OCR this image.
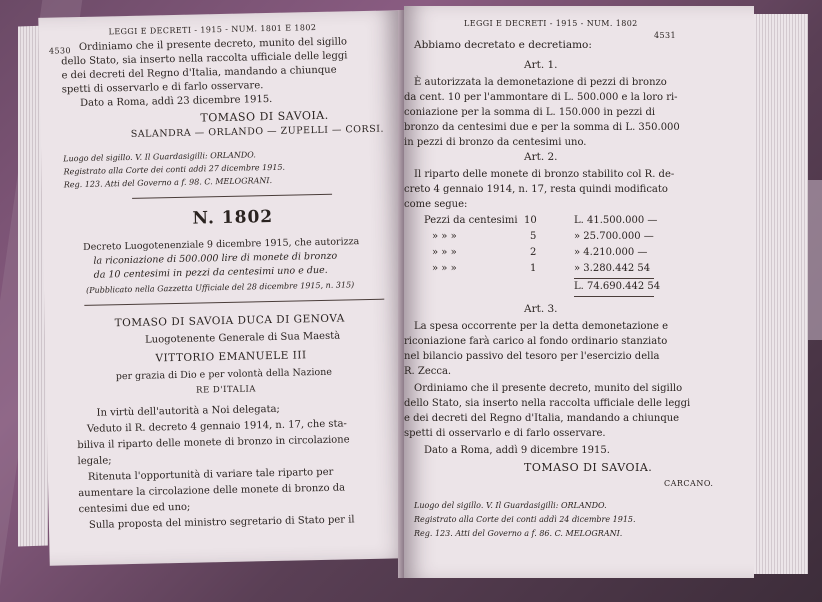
LEGGI E DECRETI - 1915 - NUM. 1801 E 1802
4530 Ordiniamo che il presente decreto, munito del sigillo
dello Stato, sia inserto nella raccolta ufficiale delle leggi
e dei decreti del Regno d'Italia, mandando a chiunque
spetti di osservarlo e di farlo osservare.
Dato a Roma, addì 23 dicembre 1915.
TOMASO DI SAVOIA.
SALANDRA — ORLANDO — ZUPELLI — CORSI.
Luogo del sigillo. V. Il Guardasigilli: ORLANDO.
Registrato alla Corte dei conti addì 27 dicembre 1915.
Reg. 123. Atti del Governo a f. 98. C. MELOGRANI.
N. 1802
Decreto Luogotenenziale 9 dicembre 1915, che autorizza
la riconiazione di 500.000 lire di monete di bronzo
da 10 centesimi in pezzi da centesimi uno e due.
(Pubblicato nella Gazzetta Ufficiale del 28 dicembre 1915, n. 315)
TOMASO DI SAVOIA DUCA DI GENOVA
Luogotenente Generale di Sua Maestà
VITTORIO EMANUELE III
per grazia di Dio e per volontà della Nazione
RE D'ITALIA
In virtù dell'autorità a Noi delegata;
Veduto il R. decreto 4 gennaio 1914, n. 17, che sta-
biliva il riparto delle monete di bronzo in circolazione
legale;
Ritenuta l'opportunità di variare tale riparto per
aumentare la circolazione delle monete di bronzo da
centesimi due ed uno;
Sulla proposta del ministro segretario di Stato per il
LEGGI E DECRETI - 1915 - NUM. 1802
4531
Abbiamo decretato e decretiamo:
Art. 1.
È autorizzata la demonetazione di pezzi di bronzo
da cent. 10 per l'ammontare di L. 500.000 e la loro ri-
coniazione per la somma di L. 150.000 in pezzi di
bronzo da centesimi due e per la somma di L. 350.000
in pezzi di bronzo da centesimi uno.
Art. 2.
Il riparto delle monete di bronzo stabilito col R. de-
creto 4 gennaio 1914, n. 17, resta quindi modificato
come segue:
Pezzi da centesimi 10	L. 41.500.000 —
» » »	5	» 25.700.000 —
» » »	2	» 4.210.000 —
» » »	1	» 3.280.442 54
L. 74.690.442 54
Art. 3.
La spesa occorrente per la detta demonetazione e
riconiazione farà carico al fondo ordinario stanziato
nel bilancio passivo del tesoro per l'esercizio della
R. Zecca.
Ordiniamo che il presente decreto, munito del sigillo
dello Stato, sia inserto nella raccolta ufficiale delle leggi
e dei decreti del Regno d'Italia, mandando a chiunque
spetti di osservarlo e di farlo osservare.
Dato a Roma, addì 9 dicembre 1915.
TOMASO DI SAVOIA.
CARCANO.
Luogo del sigillo. V. Il Guardasigilli: ORLANDO.
Registrato alla Corte dei conti addì 24 dicembre 1915.
Reg. 123. Atti del Governo a f. 86. C. MELOGRANI.
